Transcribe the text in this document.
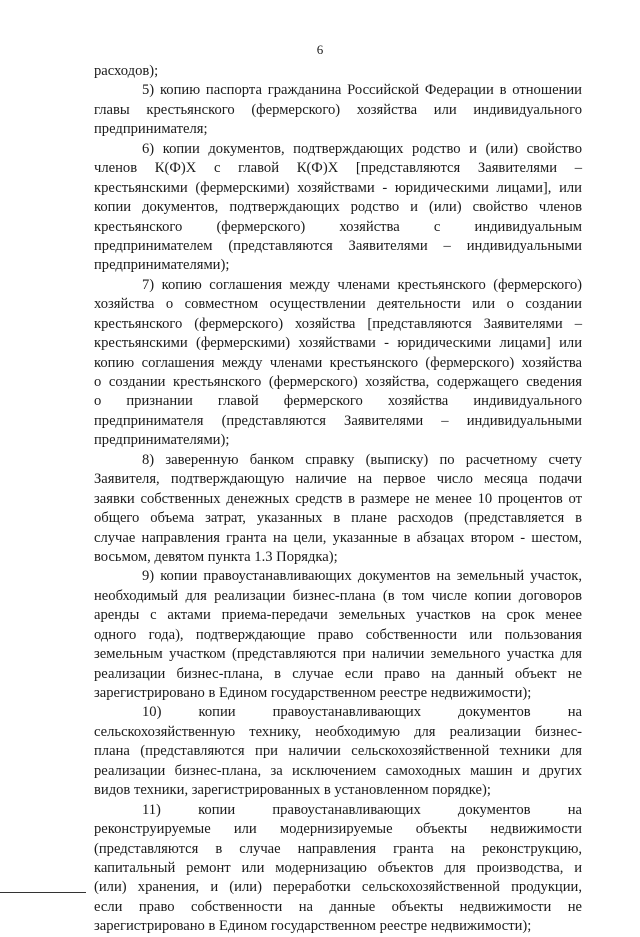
6
расходов);
5) копию паспорта гражданина Российской Федерации в отношении
главы крестьянского (фермерского) хозяйства или индивидуального
предпринимателя;
6) копии документов, подтверждающих родство и (или) свойство
членов К(Ф)Х с главой К(Ф)Х [представляются Заявителями –
крестьянскими (фермерскими) хозяйствами - юридическими лицами], или
копии документов, подтверждающих родство и (или) свойство членов
крестьянского (фермерского) хозяйства с индивидуальным
предпринимателем (представляются Заявителями – индивидуальными
предпринимателями);
7) копию соглашения между членами крестьянского (фермерского)
хозяйства о совместном осуществлении деятельности или о создании
крестьянского (фермерского) хозяйства [представляются Заявителями –
крестьянскими (фермерскими) хозяйствами - юридическими лицами] или
копию соглашения между членами крестьянского (фермерского) хозяйства
о создании крестьянского (фермерского) хозяйства, содержащего сведения
о признании главой фермерского хозяйства индивидуального
предпринимателя (представляются Заявителями – индивидуальными
предпринимателями);
8) заверенную банком справку (выписку) по расчетному счету
Заявителя, подтверждающую наличие на первое число месяца подачи
заявки собственных денежных средств в размере не менее 10 процентов от
общего объема затрат, указанных в плане расходов (представляется в
случае направления гранта на цели, указанные в абзацах втором - шестом,
восьмом, девятом пункта 1.3 Порядка);
9) копии правоустанавливающих документов на земельный участок,
необходимый для реализации бизнес-плана (в том числе копии договоров
аренды с актами приема-передачи земельных участков на срок менее
одного года), подтверждающие право собственности или пользования
земельным участком (представляются при наличии земельного участка для
реализации бизнес-плана, в случае если право на данный объект не
зарегистрировано в Едином государственном реестре недвижимости);
10) копии правоустанавливающих документов на
сельскохозяйственную технику, необходимую для реализации бизнес-
плана (представляются при наличии сельскохозяйственной техники для
реализации бизнес-плана, за исключением самоходных машин и других
видов техники, зарегистрированных в установленном порядке);
11) копии правоустанавливающих документов на
реконструируемые или модернизируемые объекты недвижимости
(представляются в случае направления гранта на реконструкцию,
капитальный ремонт или модернизацию объектов для производства, и
(или) хранения, и (или) переработки сельскохозяйственной продукции,
если право собственности на данные объекты недвижимости не
зарегистрировано в Едином государственном реестре недвижимости);
